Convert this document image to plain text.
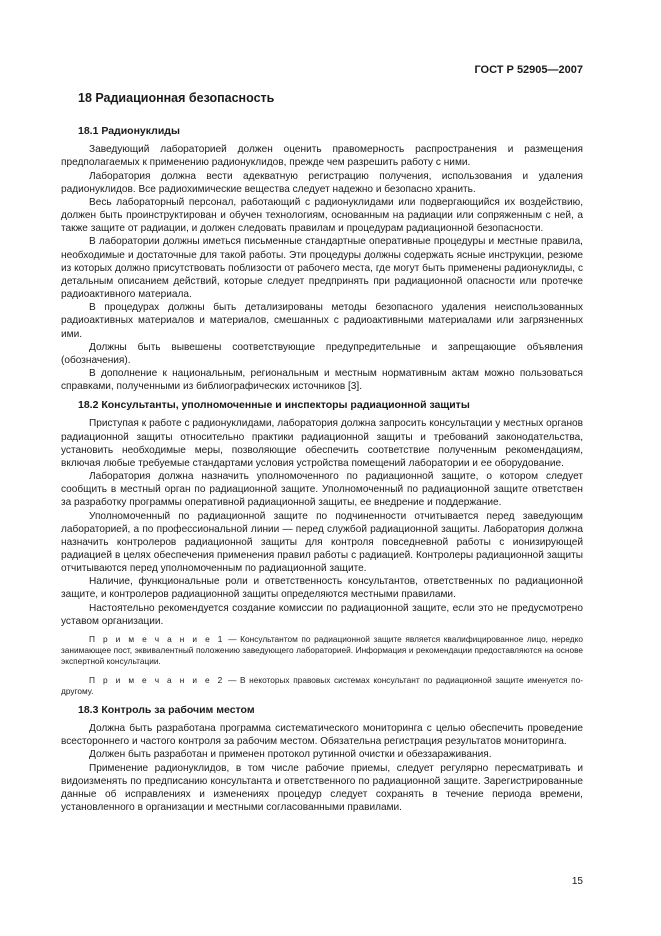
ГОСТ Р 52905—2007
18 Радиационная безопасность
18.1 Радионуклиды

Заведующий лабораторией должен оценить правомерность распространения и размещения предполагаемых к применению радионуклидов, прежде чем разрешить работу с ними.

Лаборатория должна вести адекватную регистрацию получения, использования и удаления радионуклидов. Все радиохимические вещества следует надежно и безопасно хранить.

Весь лабораторный персонал, работающий с радионуклидами или подвергающийся их воздействию, должен быть проинструктирован и обучен технологиям, основанным на радиации или сопряженным с ней, а также защите от радиации, и должен следовать правилам и процедурам радиационной безопасности.

В лаборатории должны иметься письменные стандартные оперативные процедуры и местные правила, необходимые и достаточные для такой работы. Эти процедуры должны содержать ясные инструкции, резюме из которых должно присутствовать поблизости от рабочего места, где могут быть применены радионуклиды, с детальным описанием действий, которые следует предпринять при радиационной опасности или протечке радиоактивного материала.

В процедурах должны быть детализированы методы безопасного удаления неиспользованных радиоактивных материалов и материалов, смешанных с радиоактивными материалами или загрязненных ими.

Должны быть вывешены соответствующие предупредительные и запрещающие объявления (обозначения).

В дополнение к национальным, региональным и местным нормативным актам можно пользоваться справками, полученными из библиографических источников [3].

18.2 Консультанты, уполномоченные и инспекторы радиационной защиты

Приступая к работе с радионуклидами, лаборатория должна запросить консультации у местных органов радиационной защиты относительно практики радиационной защиты и требований законодательства, установить необходимые меры, позволяющие обеспечить соответствие полученным рекомендациям, включая любые требуемые стандартами условия устройства помещений лаборатории и ее оборудование.

Лаборатория должна назначить уполномоченного по радиационной защите, о котором следует сообщить в местный орган по радиационной защите. Уполномоченный по радиационной защите ответствен за разработку программы оперативной радиационной защиты, ее внедрение и поддержание.

Уполномоченный по радиационной защите по подчиненности отчитывается перед заведующим лабораторией, а по профессиональной линии — перед службой радиационной защиты. Лаборатория должна назначить контролеров радиационной защиты для контроля повседневной работы с ионизирующей радиацией в целях обеспечения применения правил работы с радиацией. Контролеры радиационной защиты отчитываются перед уполномоченным по радиационной защите.

Наличие, функциональные роли и ответственность консультантов, ответственных по радиационной защите, и контролеров радиационной защиты определяются местными правилами.

Настоятельно рекомендуется создание комиссии по радиационной защите, если это не предусмотрено уставом организации.

П р и м е ч а н и е 1 — Консультантом по радиационной защите является квалифицированное лицо, нередко занимающее пост, эквивалентный положению заведующего лабораторией. Информация и рекомендации предоставляются на основе экспертной консультации.
П р и м е ч а н и е 2 — В некоторых правовых системах консультант по радиационной защите именуется по-другому.
18.3 Контроль за рабочим местом

Должна быть разработана программа систематического мониторинга с целью обеспечить проведение всестороннего и частого контроля за рабочим местом. Обязательна регистрация результатов мониторинга.

Должен быть разработан и применен протокол рутинной очистки и обеззараживания.

Применение радионуклидов, в том числе рабочие приемы, следует регулярно пересматривать и видоизменять по предписанию консультанта и ответственного по радиационной защите. Зарегистрированные данные об исправлениях и изменениях процедур следует сохранять в течение периода времени, установленного в организации и местными согласованными правилами.

15
